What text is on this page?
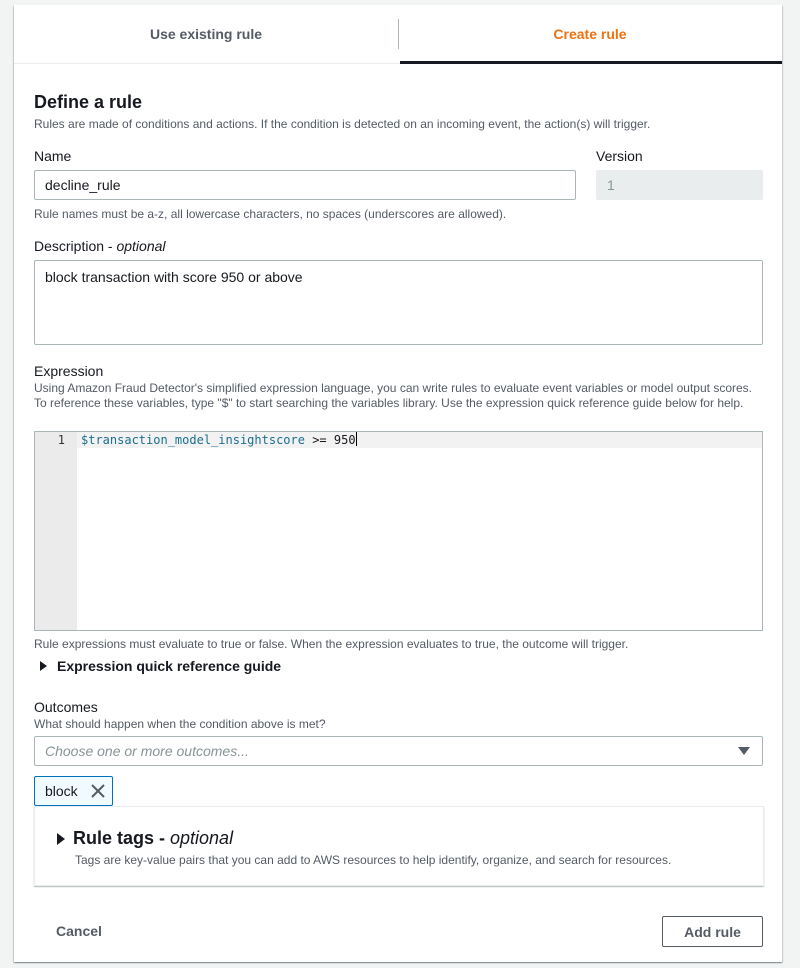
Use existing rule	Create rule
Define a rule
Rules are made of conditions and actions. If the condition is detected on an incoming event, the action(s) will trigger.
Name
decline_rule
Rule names must be a-z, all lowercase characters, no spaces (underscores are allowed).
Version
1
Description - optional
block transaction with score 950 or above
Expression
Using Amazon Fraud Detector's simplified expression language, you can write rules to evaluate event variables or model output scores. To reference these variables, type "$" to start searching the variables library. Use the expression quick reference guide below for help.
1 $transaction_model_insightscore >= 950
Rule expressions must evaluate to true or false. When the expression evaluates to true, the outcome will trigger.
Expression quick reference guide
Outcomes
What should happen when the condition above is met?
Choose one or more outcomes...
block
Rule tags - optional
Tags are key-value pairs that you can add to AWS resources to help identify, organize, and search for resources.
Cancel	Add rule
